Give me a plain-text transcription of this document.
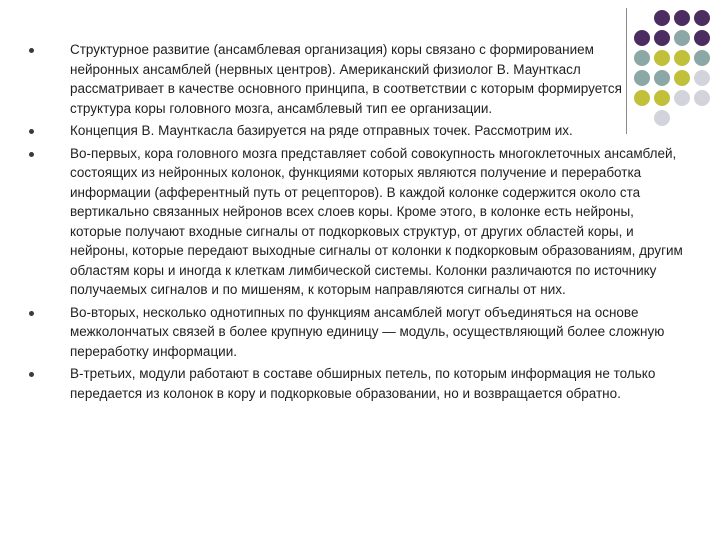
Структурное развитие (ансамблевая организация) коры связано с формированием нейронных ансамблей (нервных центров). Американский физиолог В. Маунткасл рассматривает в качестве основного принципа, в соответствии с которым формируется структура коры головного мозга, ансамблевый тип ее организации.
Концепция В. Маунткасла базируется на ряде отправных точек. Рассмотрим их.
Во-первых, кора головного мозга представляет собой совокупность многоклеточных ансамблей, состоящих из нейронных колонок, функциями которых являются получение и переработка информации (афферентный путь от рецепторов). В каждой колонке содержится около ста вертикально связанных нейронов всех слоев коры. Кроме этого, в колонке есть нейроны, которые получают входные сигналы от подкорковых структур, от других областей коры, и нейроны, которые передают выходные сигналы от колонки к подкорковым образованиям, другим областям коры и иногда к клеткам лимбической системы. Колонки различаются по источнику получаемых сигналов и по мишеням, к которым направляются сигналы от них.
Во-вторых, несколько однотипных по функциям ансамблей могут объединяться на основе межколончатых связей в более крупную единицу — модуль, осуществляющий более сложную переработку информации.
В-третьих, модули работают в составе обширных петель, по которым информация не только передается из колонок в кору и подкорковые образовании, но и возвращается обратно.
